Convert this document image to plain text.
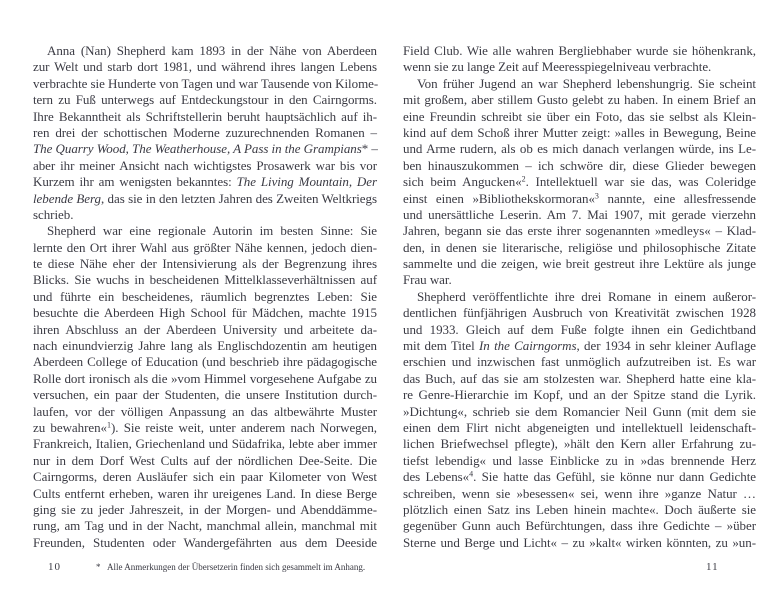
Anna (Nan) Shepherd kam 1893 in der Nähe von Aberdeen
zur Welt und starb dort 1981, und während ihres langen Lebens
verbrachte sie Hunderte von Tagen und war Tausende von Kilome-
tern zu Fuß unterwegs auf Entdeckungstour in den Cairngorms.
Ihre Bekanntheit als Schriftstellerin beruht hauptsächlich auf ih-
ren drei der schottischen Moderne zuzurechnenden Romanen –
The Quarry Wood, The Weatherhouse, A Pass in the Grampians* –
aber ihr meiner Ansicht nach wichtigstes Prosawerk war bis vor
Kurzem ihr am wenigsten bekanntes: The Living Mountain, Der
lebende Berg, das sie in den letzten Jahren des Zweiten Weltkriegs
schrieb.
Shepherd war eine regionale Autorin im besten Sinne: Sie
lernte den Ort ihrer Wahl aus größter Nähe kennen, jedoch dien-
te diese Nähe eher der Intensivierung als der Begrenzung ihres
Blicks. Sie wuchs in bescheidenen Mittelklasseverhältnissen auf
und führte ein bescheidenes, räumlich begrenztes Leben: Sie
besuchte die Aberdeen High School für Mädchen, machte 1915
ihren Abschluss an der Aberdeen University und arbeitete da-
nach einundvierzig Jahre lang als Englischdozentin am heutigen
Aberdeen College of Education (und beschrieb ihre pädagogische
Rolle dort ironisch als die »vom Himmel vorgesehene Aufgabe zu
versuchen, ein paar der Studenten, die unsere Institution durch-
laufen, vor der völligen Anpassung an das altbewährte Muster
zu bewahren«$^1$). Sie reiste weit, unter anderem nach Norwegen,
Frankreich, Italien, Griechenland und Südafrika, lebte aber immer
nur in dem Dorf West Cults auf der nördlichen Dee-Seite. Die
Cairngorms, deren Ausläufer sich ein paar Kilometer von West
Cults entfernt erheben, waren ihr ureigenes Land. In diese Berge
ging sie zu jeder Jahreszeit, in der Morgen- und Abenddämme-
rung, am Tag und in der Nacht, manchmal allein, manchmal mit
Freunden, Studenten oder Wandergefährten aus dem Deeside
10	* Alle Anmerkungen der Übersetzerin finden sich gesammelt im Anhang.
Field Club. Wie alle wahren Bergliebhaber wurde sie höhenkrank,
wenn sie zu lange Zeit auf Meeresspiegelniveau verbrachte.
Von früher Jugend an war Shepherd lebenshungrig. Sie scheint
mit großem, aber stillem Gusto gelebt zu haben. In einem Brief an
eine Freundin schreibt sie über ein Foto, das sie selbst als Klein-
kind auf dem Schoß ihrer Mutter zeigt: »alles in Bewegung, Beine
und Arme rudern, als ob es mich danach verlangen würde, ins Le-
ben hinauszukommen – ich schwöre dir, diese Glieder bewegen
sich beim Angucken«$^2$. Intellektuell war sie das, was Coleridge
einst einen »Bibliothekskormoran«$^3$ nannte, eine allesfressende
und unersättliche Leserin. Am 7. Mai 1907, mit gerade vierzehn
Jahren, begann sie das erste ihrer sogenannten »medleys« – Klad-
den, in denen sie literarische, religiöse und philosophische Zitate
sammelte und die zeigen, wie breit gestreut ihre Lektüre als junge
Frau war.
Shepherd veröffentlichte ihre drei Romane in einem außeror-
dentlichen fünfjährigen Ausbruch von Kreativität zwischen 1928
und 1933. Gleich auf dem Fuße folgte ihnen ein Gedichtband
mit dem Titel In the Cairngorms, der 1934 in sehr kleiner Auflage
erschien und inzwischen fast unmöglich aufzutreiben ist. Es war
das Buch, auf das sie am stolzesten war. Shepherd hatte eine kla-
re Genre-Hierarchie im Kopf, und an der Spitze stand die Lyrik.
»Dichtung«, schrieb sie dem Romancier Neil Gunn (mit dem sie
einen dem Flirt nicht abgeneigten und intellektuell leidenschaft-
lichen Briefwechsel pflegte), »hält den Kern aller Erfahrung zu-
tiefst lebendig« und lasse Einblicke zu in »das brennende Herz
des Lebens«$^4$. Sie hatte das Gefühl, sie könne nur dann Gedichte
schreiben, wenn sie »besessen« sei, wenn ihre »ganze Natur …
plötzlich einen Satz ins Leben hinein machte«. Doch äußerte sie
gegenüber Gunn auch Befürchtungen, dass ihre Gedichte – »über
Sterne und Berge und Licht« – zu »kalt« wirken könnten, zu »un-
11
